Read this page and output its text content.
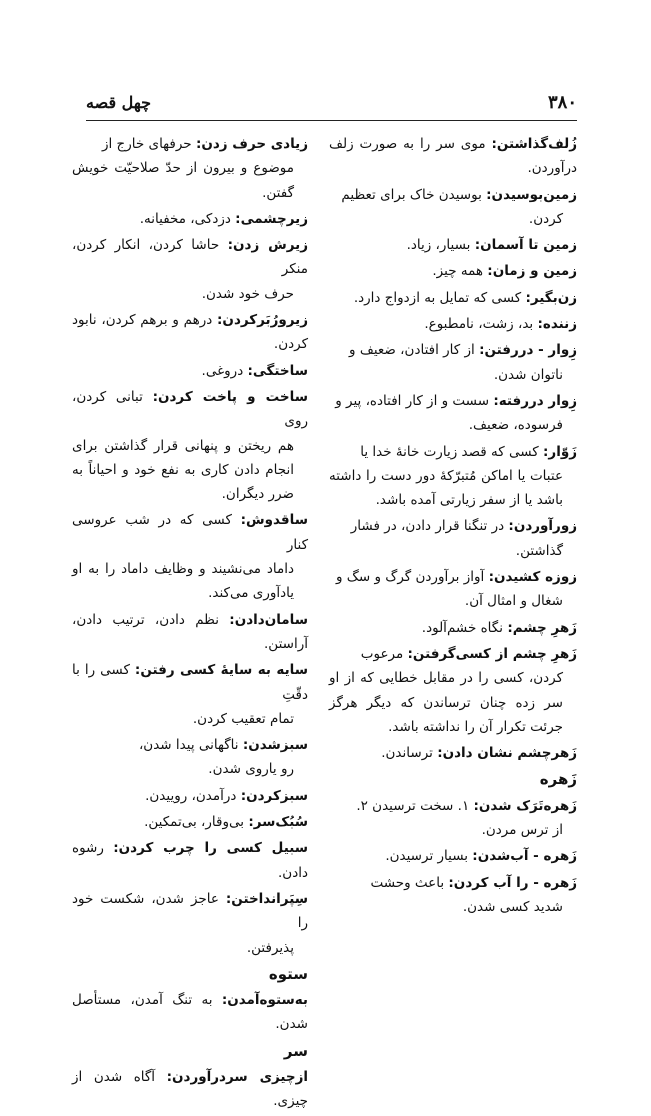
۳۸۰
چهل قصه
زُلف‌گذاشتن: موی سر را به صورت زلف درآوردن.
زمین‌بوسیدن: بوسیدن خاک برای تعظیم
کردن.
زمین تا آسمان: بسیار، زیاد.
زمین و زمان: همه چیز.
زن‌بگیر: کسی که تمایل به ازدواج دارد.
زننده: بد، زشت، نامطبوع.
زِوار - دررفتن: از کار افتادن، ضعیف و
ناتوان شدن.
زِوار دررفته: سست و از کار افتاده، پیر و
فرسوده، ضعیف.
زَوّار: کسی که قصد زیارت خانهٔ خدا یا
عتبات یا اماکن مُتبرّکهٔ دور دست را داشته باشد یا از سفر زیارتی آمده باشد.
زورآوردن: در تنگنا قرار دادن، در فشار
گذاشتن.
زوزه کشیدن: آواز برآوردن گرگ و سگ و
شغال و امثال آن.
زَهرِ چشم: نگاه خشم‌آلود.
زَهرِ چشم از کسی‌گرفتن: مرعوب
کردن، کسی را در مقابل خطایی که از او سر زده چنان ترساندن که دیگر هرگز جرئت تکرار آن را نداشته باشد.
زَهرچشم نشان دادن: ترساندن.
زَهره
زَهره‌تَرَک شدن: ۱. سخت ترسیدن ۲.
از ترس مردن.
زَهره - آب‌شدن: بسیار ترسیدن.
زَهره - را آب کردن: باعث وحشت
شدید کسی شدن.
زیادی حرف زدن: حرفهای خارج از
موضوع و بیرون از حدّ صلاحیّت خویش گفتن.
زیرچشمی: دزدکی، مخفیانه.
زیرش زدن: حاشا کردن، انکار کردن، منکر
حرف خود شدن.
زیرورُبَرکردن: درهم و برهم کردن، نابود کردن.
ساختگی: دروغی.
ساخت و پاخت کردن: تبانی کردن، روی
هم ریختن و پنهانی قرار گذاشتن برای انجام دادن کاری به نفع خود و احیاناً به ضرر دیگران.
ساقدوش: کسی که در شب عروسی کنار
داماد می‌نشیند و وظایف داماد را به او یادآوری می‌کند.
سامان‌دادن: نظم دادن، ترتیب دادن، آراستن.
سایه به سایهٔ کسی رفتن: کسی را با دقّتِ
تمام تعقیب کردن.
سبزشدن: ناگهانی پیدا شدن،
رو یاروی شدن.
سبزکردن: درآمدن، روییدن.
سُبُک‌سر: بی‌وقار، بی‌تمکین.
سبیل کسی را چرب کردن: رشوه دادن.
سِپَرانداختن: عاجز شدن، شکست خود را
پذیرفتن.
ستوه
به‌ستوه‌آمدن: به تنگ آمدن، مستأصل شدن.
سر
ازچیزی سردرآوردن: آگاه شدن از چیزی.
